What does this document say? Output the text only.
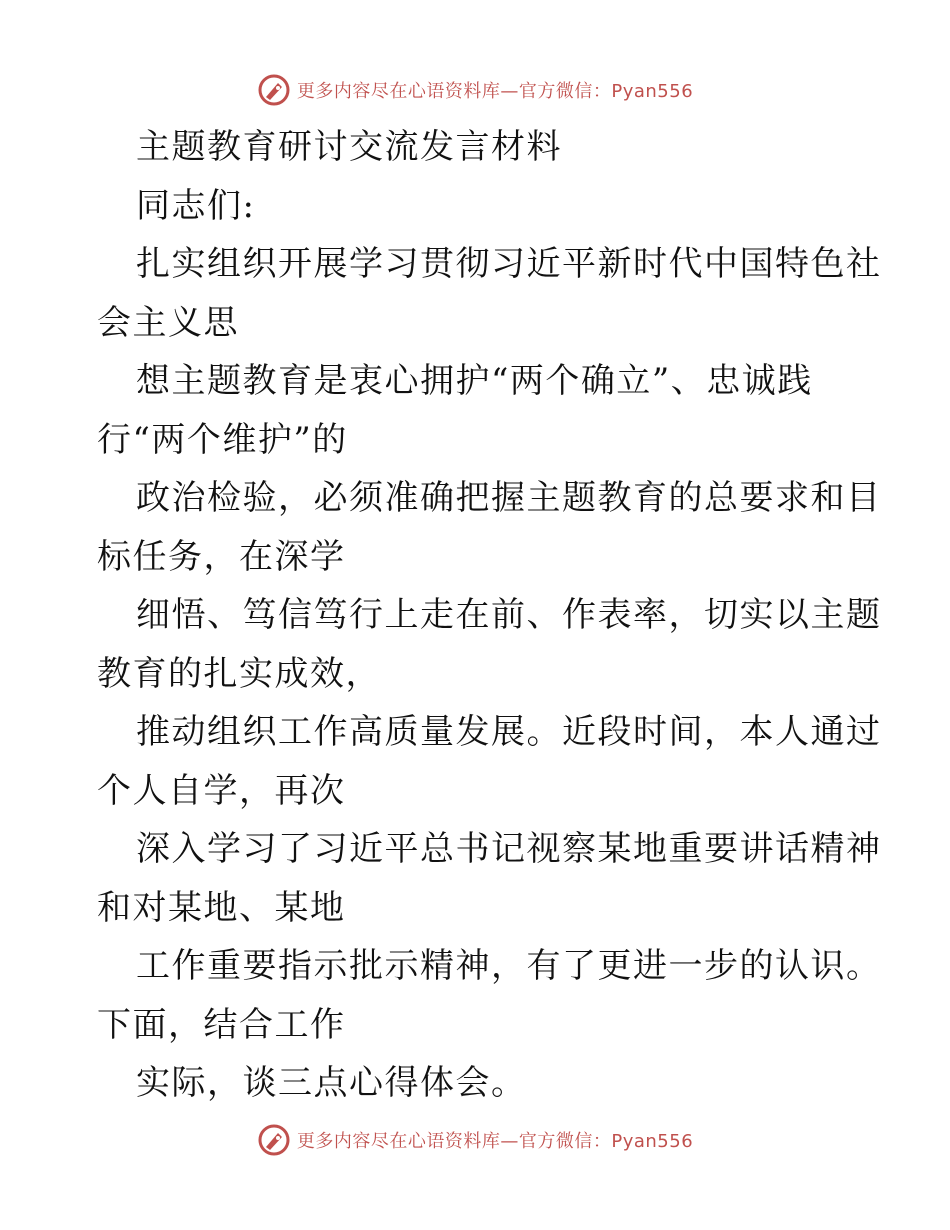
更多内容尽在心语资料库—官方微信：Pyan556
主题教育研讨交流发言材料
同志们:
扎实组织开展学习贯彻习近平新时代中国特色社
会主义思
想主题教育是衷心拥护“两个确立”、忠诚践
行“两个维护”的
政治检验，必须准确把握主题教育的总要求和目
标任务，在深学
细悟、笃信笃行上走在前、作表率，切实以主题
教育的扎实成效，
推动组织工作高质量发展。近段时间，本人通过
个人自学，再次
深入学习了习近平总书记视察某地重要讲话精神
和对某地、某地
工作重要指示批示精神，有了更进一步的认识。
下面，结合工作
实际，谈三点心得体会。
更多内容尽在心语资料库—官方微信：Pyan556
